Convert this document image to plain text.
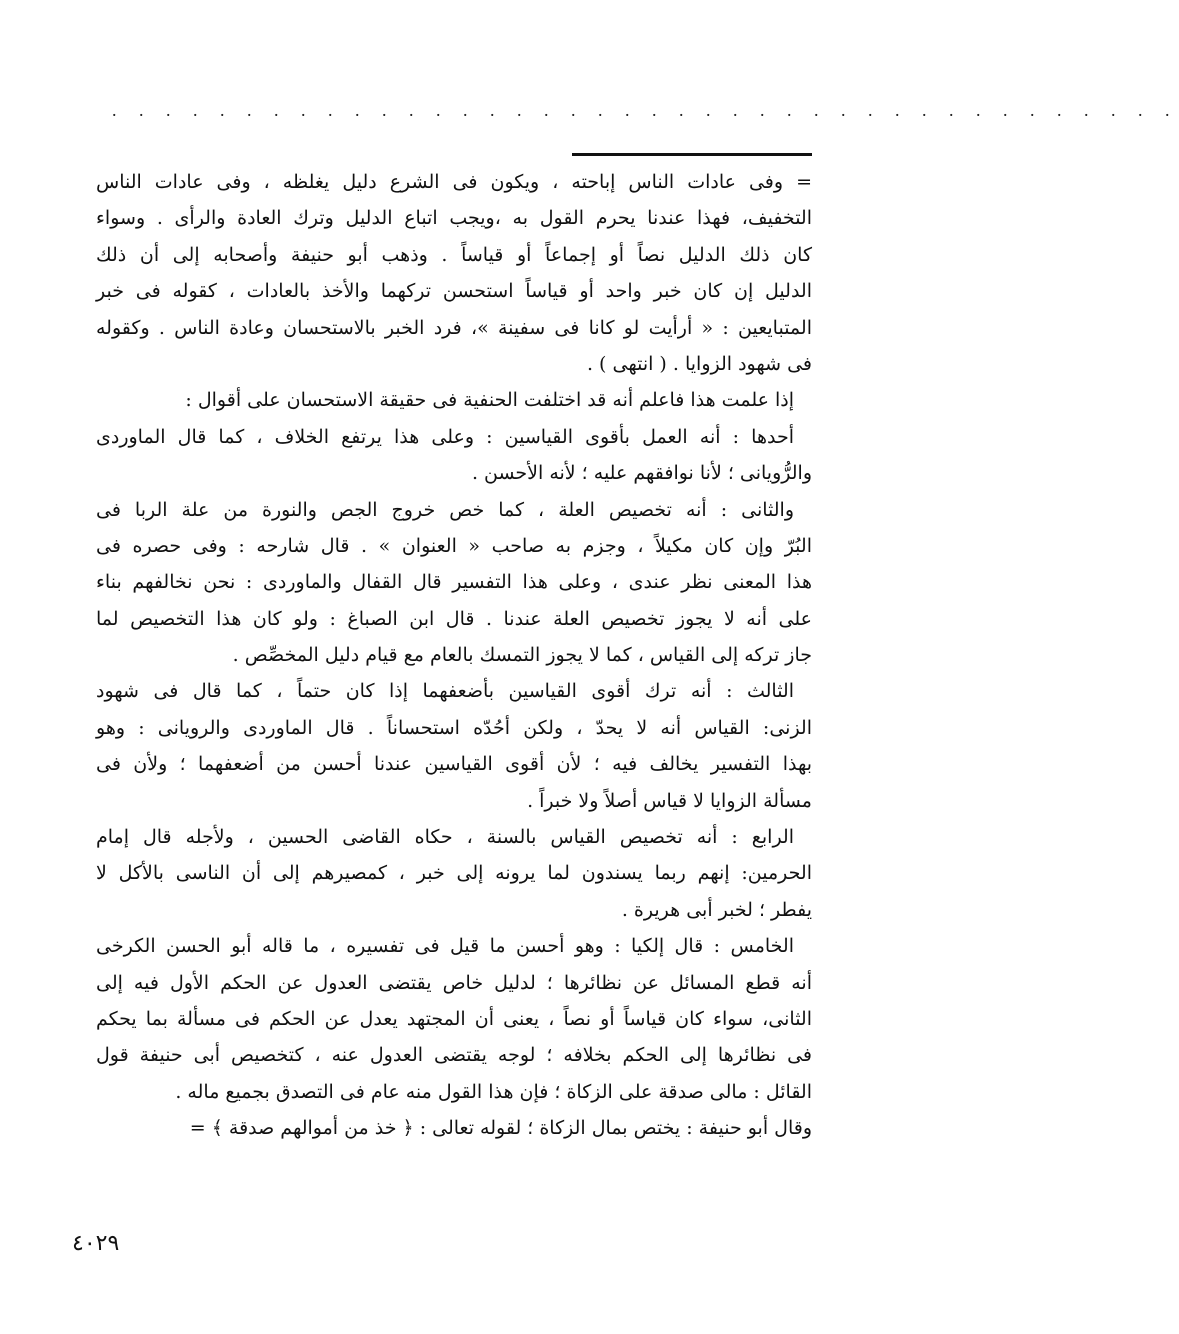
. . . . . . . . . . . . . . . . . . . . . . . . . . . . . . . . . . . . . . . .
= وفى عادات الناس إباحته ، ويكون فى الشرع دليل يغلظه ، وفى عادات الناس
التخفيف، فهذا عندنا يحرم القول به ،ويجب اتباع الدليل وترك العادة والرأى . وسواء
كان ذلك الدليل نصاً أو إجماعاً أو قياساً . وذهب أبو حنيفة وأصحابه إلى أن ذلك
الدليل إن كان خبر واحد أو قياساً استحسن تركهما والأخذ بالعادات ، كقوله فى خبر
المتبايعين : « أرأيت لو كانا فى سفينة »، فرد الخبر بالاستحسان وعادة الناس . وكقوله
فى شهود الزوايا . ( انتهى ) .
إذا علمت هذا فاعلم أنه قد اختلفت الحنفية فى حقيقة الاستحسان على أقوال :
أحدها : أنه العمل بأقوى القياسين : وعلى هذا يرتفع الخلاف ، كما قال الماوردى
والرُّويانى ؛ لأنا نوافقهم عليه ؛ لأنه الأحسن .
والثانى : أنه تخصيص العلة ، كما خص خروج الجص والنورة من علة الربا فى
البُرّ وإن كان مكيلاً ، وجزم به صاحب « العنوان » . قال شارحه : وفى حصره فى
هذا المعنى نظر عندى ، وعلى هذا التفسير قال القفال والماوردى : نحن نخالفهم بناء
على أنه لا يجوز تخصيص العلة عندنا . قال ابن الصباغ : ولو كان هذا التخصيص لما
جاز تركه إلى القياس ، كما لا يجوز التمسك بالعام مع قيام دليل المخصِّص .
الثالث : أنه ترك أقوى القياسين بأضعفهما إذا كان حتماً ، كما قال فى شهود
الزنى: القياس أنه لا يحدّ ، ولكن أحُدّه استحساناً . قال الماوردى والرويانى : وهو
بهذا التفسير يخالف فيه ؛ لأن أقوى القياسين عندنا أحسن من أضعفهما ؛ ولأن فى
مسألة الزوايا لا قياس أصلاً ولا خبراً .
الرابع : أنه تخصيص القياس بالسنة ، حكاه القاضى الحسين ، ولأجله قال إمام
الحرمين: إنهم ربما يسندون لما يرونه إلى خبر ، كمصيرهم إلى أن الناسى بالأكل لا
يفطر ؛ لخبر أبى هريرة .
الخامس : قال إلكيا : وهو أحسن ما قيل فى تفسيره ، ما قاله أبو الحسن الكرخى
أنه قطع المسائل عن نظائرها ؛ لدليل خاص يقتضى العدول عن الحكم الأول فيه إلى
الثانى، سواء كان قياساً أو نصاً ، يعنى أن المجتهد يعدل عن الحكم فى مسألة بما يحكم
فى نظائرها إلى الحكم بخلافه ؛ لوجه يقتضى العدول عنه ، كتخصيص أبى حنيفة قول
القائل : مالى صدقة على الزكاة ؛ فإن هذا القول منه عام فى التصدق بجميع ماله .
وقال أبو حنيفة : يختص بمال الزكاة ؛ لقوله تعالى : ﴿ خذ من أموالهم صدقة ﴾ =
٤٠٢٩
